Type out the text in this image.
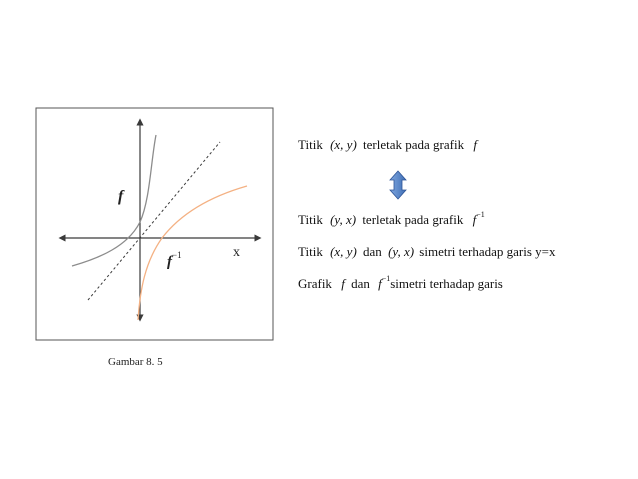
f
$f^{-1}$	x
Gambar 8. 5
Titik (x, y) terletak pada grafik f
Titik (y, x) terletak pada grafik $f^{-1}$
Titik (x, y) dan (y, x) simetri terhadap garis y=x
Grafik f dan $f^{-1}simetri$ terhadap garis
